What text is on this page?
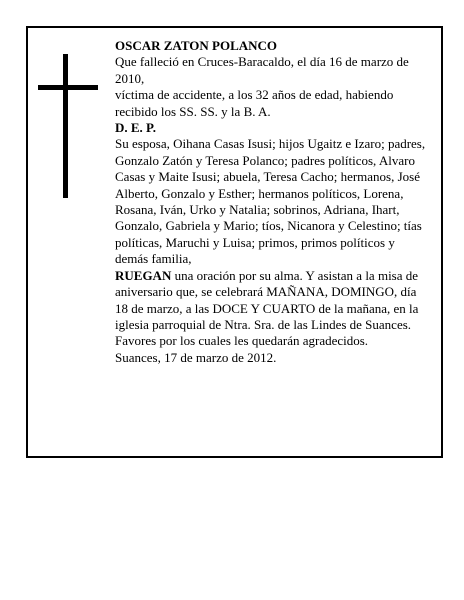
OSCAR ZATON POLANCO

Que falleció en Cruces-Baracaldo, el día 16 de marzo de 2010,

víctima de accidente, a los 32 años de edad, habiendo recibido los SS. SS. y la B. A.

D. E. P.

Su esposa, Oihana Casas Isusi; hijos Ugaitz e Izaro; padres, Gonzalo Zatón y Teresa Polanco; padres políticos, Alvaro Casas y Maite Isusi; abuela, Teresa Cacho; hermanos, José Alberto, Gonzalo y Esther; hermanos políticos, Lorena, Rosana, Iván, Urko y Natalia; sobrinos, Adriana, Ihart, Gonzalo, Gabriela y Mario; tíos, Nicanora y Celestino; tías políticas, Maruchi y Luisa; primos, primos políticos y demás familia,

RUEGAN una oración por su alma. Y asistan a la misa de aniversario que, se celebrará MAÑANA, DOMINGO, día 18 de marzo, a las DOCE Y CUARTO de la mañana, en la iglesia parroquial de Ntra. Sra. de las Lindes de Suances. Favores por los cuales les quedarán agradecidos.

Suances, 17 de marzo de 2012.
